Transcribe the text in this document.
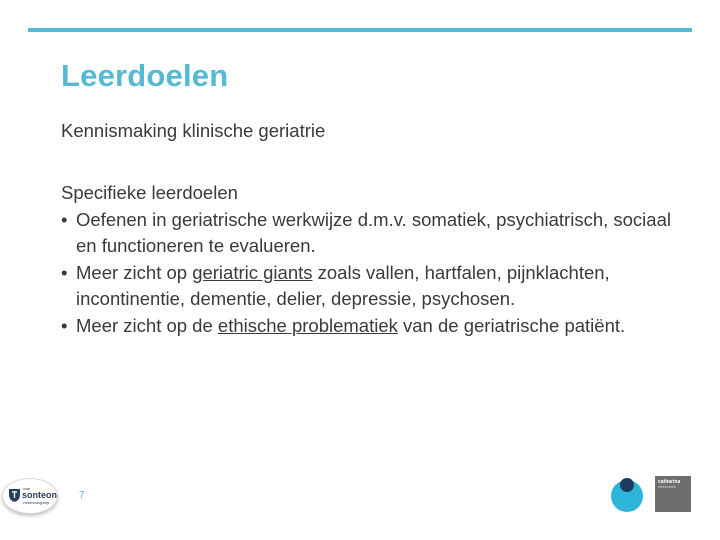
Leerdoelen

Kennismaking klinische geriatrie

Specifieke leerdoelen
• Oefenen in geriatrische werkwijze d.m.v. somatiek, psychiatrisch, sociaal en functioneren te evalueren.
• Meer zicht op geriatric giants zoals vallen, hartfalen, pijnklachten, incontinentie, dementie, delier, depressie, psychosen.
• Meer zicht op de ethische problematiek van de geriatrische patiënt.
vzw
sonteon
ziekenhuisgroep
7
catharina
ziekenhuis
